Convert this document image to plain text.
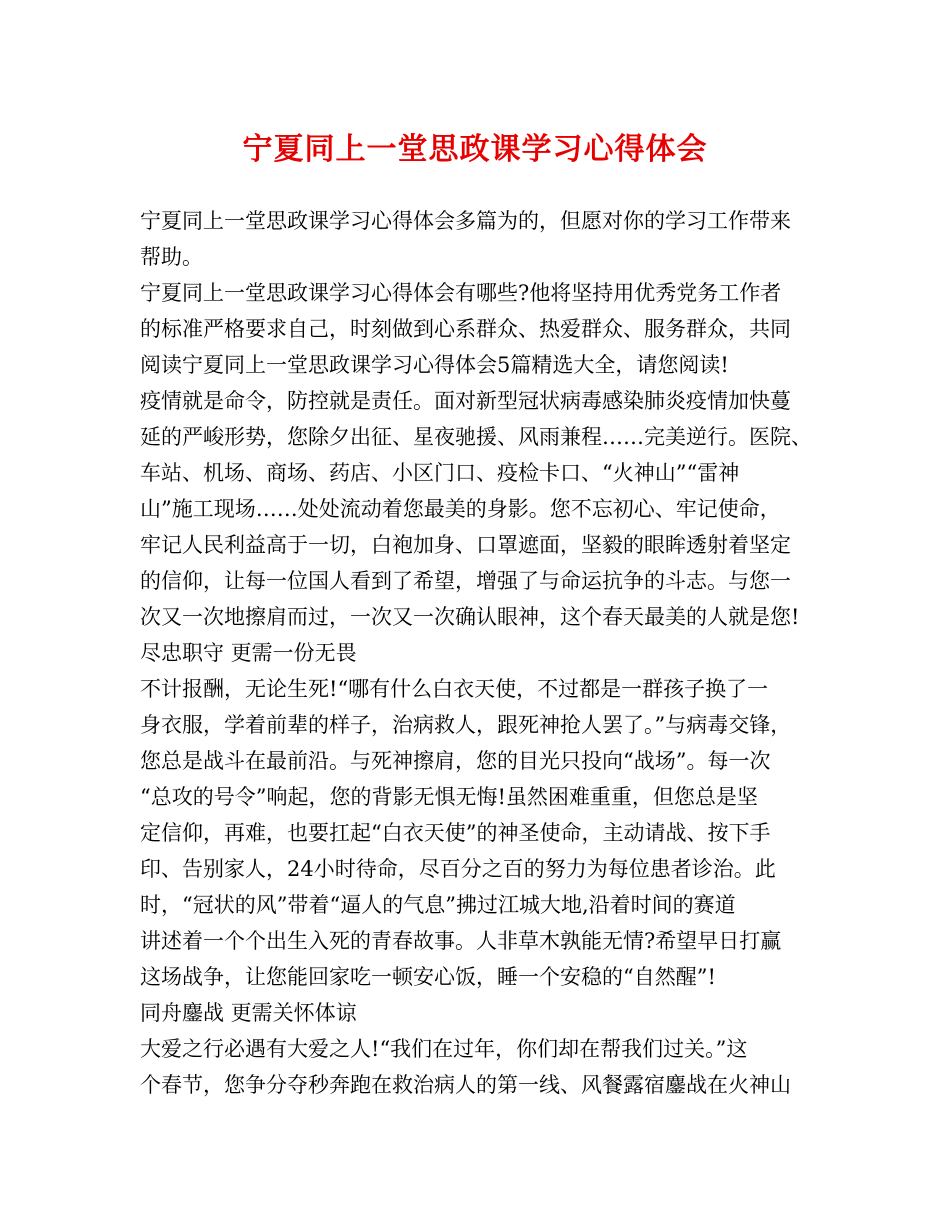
宁夏同上一堂思政课学习心得体会
宁夏同上一堂思政课学习心得体会多篇为的，但愿对你的学习工作带来
帮助。
宁夏同上一堂思政课学习心得体会有哪些?他将坚持用优秀党务工作者
的标准严格要求自己，时刻做到心系群众、热爱群众、服务群众，共同
阅读宁夏同上一堂思政课学习心得体会5篇精选大全，请您阅读!
疫情就是命令，防控就是责任。面对新型冠状病毒感染肺炎疫情加快蔓
延的严峻形势，您除夕出征、星夜驰援、风雨兼程……完美逆行。医院、
车站、机场、商场、药店、小区门口、疫检卡口、“火神山”“雷神
山”施工现场……处处流动着您最美的身影。您不忘初心、牢记使命，
牢记人民利益高于一切，白袍加身、口罩遮面，坚毅的眼眸透射着坚定
的信仰，让每一位国人看到了希望，增强了与命运抗争的斗志。与您一
次又一次地擦肩而过，一次又一次确认眼神，这个春天最美的人就是您!
尽忠职守 更需一份无畏
不计报酬，无论生死!“哪有什么白衣天使，不过都是一群孩子换了一
身衣服，学着前辈的样子，治病救人，跟死神抢人罢了。”与病毒交锋，
您总是战斗在最前沿。与死神擦肩，您的目光只投向“战场”。每一次
“总攻的号令”响起，您的背影无惧无悔!虽然困难重重，但您总是坚
定信仰，再难，也要扛起“白衣天使”的神圣使命，主动请战、按下手
印、告别家人，24小时待命，尽百分之百的努力为每位患者诊治。此
时，“冠状的风”带着“逼人的气息”拂过江城大地,沿着时间的赛道
讲述着一个个出生入死的青春故事。人非草木孰能无情?希望早日打赢
这场战争，让您能回家吃一顿安心饭，睡一个安稳的“自然醒”!
同舟鏖战 更需关怀体谅
大爱之行必遇有大爱之人!“我们在过年，你们却在帮我们过关。”这
个春节，您争分夺秒奔跑在救治病人的第一线、风餐露宿鏖战在火神山
